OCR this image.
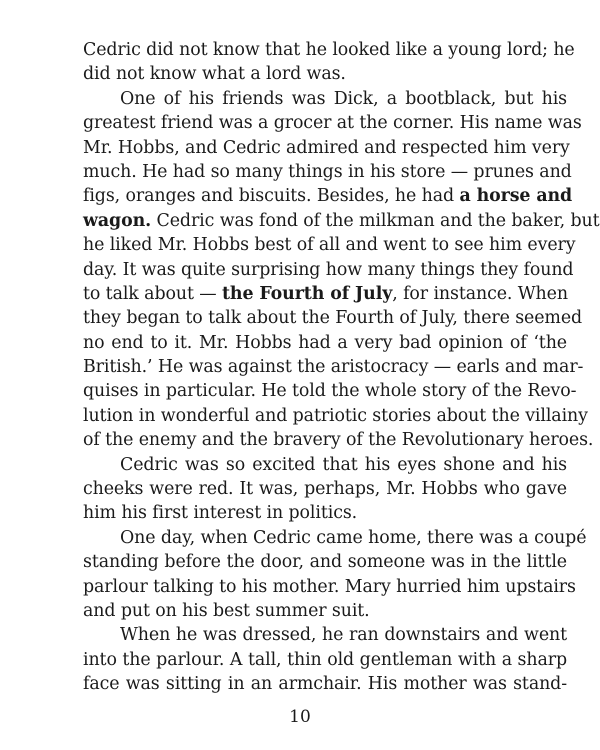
Cedric did not know that he looked like a young lord; he
did not know what a lord was.
One of his friends was Dick, a bootblack, but his
greatest friend was a grocer at the corner. His name was
Mr. Hobbs, and Cedric admired and respected him very
much. He had so many things in his store — prunes and
figs, oranges and biscuits. Besides, he had a horse and
wagon. Cedric was fond of the milkman and the baker, but
he liked Mr. Hobbs best of all and went to see him every
day. It was quite surprising how many things they found
to talk about — the Fourth of July, for instance. When
they began to talk about the Fourth of July, there seemed
no end to it. Mr. Hobbs had a very bad opinion of ‘the
British.’ He was against the aristocracy — earls and mar-
quises in particular. He told the whole story of the Revo-
lution in wonderful and patriotic stories about the villainy
of the enemy and the bravery of the Revolutionary heroes.
Cedric was so excited that his eyes shone and his
cheeks were red. It was, perhaps, Mr. Hobbs who gave
him his first interest in politics.
One day, when Cedric came home, there was a coupé
standing before the door, and someone was in the little
parlour talking to his mother. Mary hurried him upstairs
and put on his best summer suit.
When he was dressed, he ran downstairs and went
into the parlour. A tall, thin old gentleman with a sharp
face was sitting in an armchair. His mother was stand-
10
